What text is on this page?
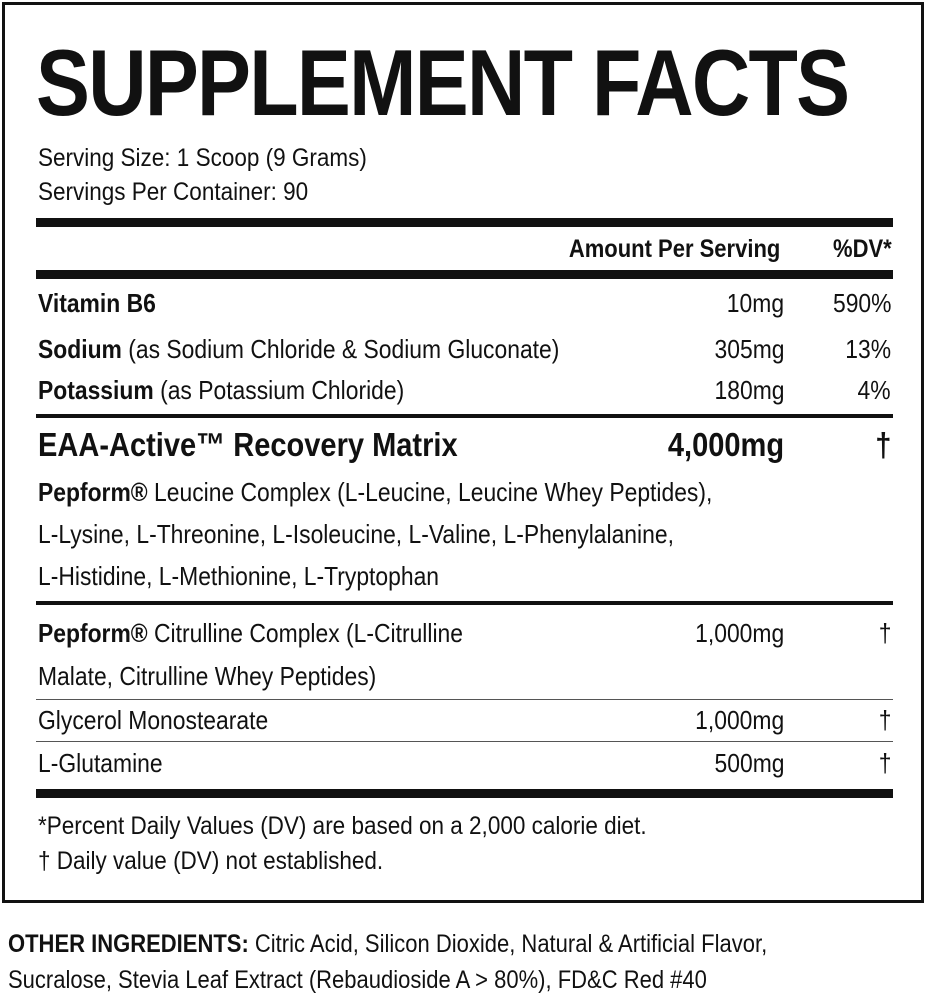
SUPPLEMENT FACTS
Serving Size: 1 Scoop (9 Grams)
Servings Per Container: 90
Amount Per Serving %DV*
Vitamin B6	10mg 590%
Sodium (as Sodium Chloride & Sodium Gluconate)	305mg 13%
Potassium (as Potassium Chloride)	180mg	4%
EAA-Active™ Recovery Matrix	4,000mg	†
Pepform® Leucine Complex (L-Leucine, Leucine Whey Peptides),
L-Lysine, L-Threonine, L-Isoleucine, L-Valine, L-Phenylalanine,
L-Histidine, L-Methionine, L-Tryptophan
Pepform® Citrulline Complex (L-Citrulline	1,000mg	†
Malate, Citrulline Whey Peptides)
Glycerol Monostearate	1,000mg	†
L-Glutamine	500mg	†
*Percent Daily Values (DV) are based on a 2,000 calorie diet.
† Daily value (DV) not established.
OTHER INGREDIENTS: Citric Acid, Silicon Dioxide, Natural & Artificial Flavor,
Sucralose, Stevia Leaf Extract (Rebaudioside A > 80%), FD&C Red #40
